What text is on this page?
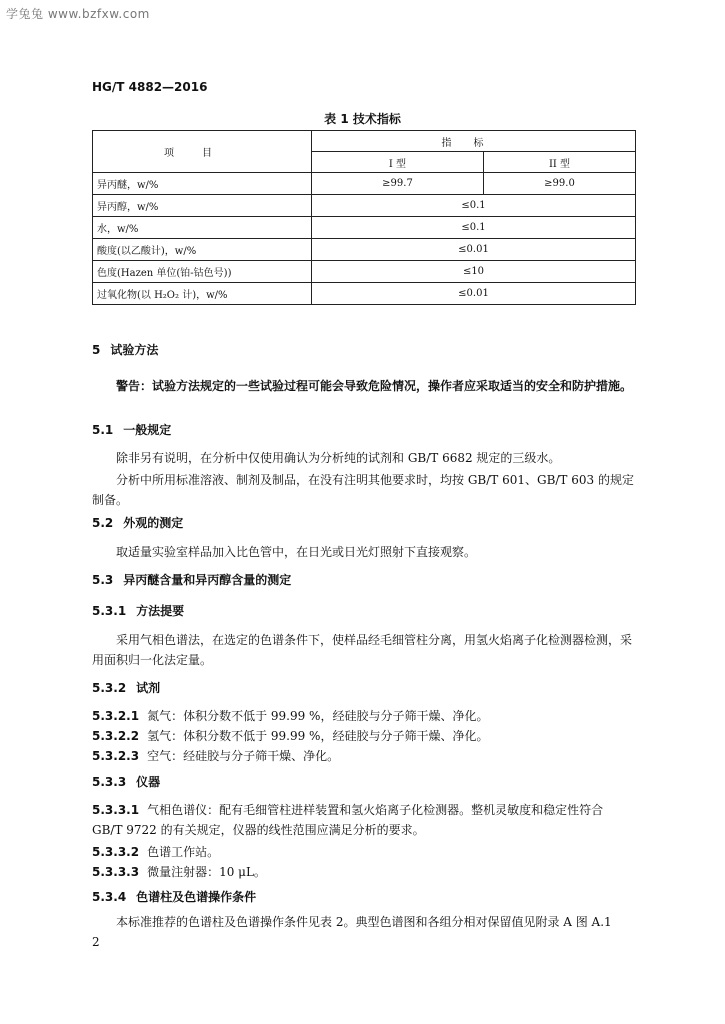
学兔兔 www.bzfxw.com
HG/T 4882—2016
表 1 技术指标
项目	指标	
	I 型	II 型
异丙醚，w/%	≥99.7	≥99.0
异丙醇，w/%	≤0.1	
水，w/%	≤0.1	
酸度(以乙酸计)，w/%	≤0.01	
色度(Hazen 单位(铂-钴色号))	≤10	
过氧化物(以 H₂O₂ 计)，w/%	≤0.01	
5 试验方法
警告：试验方法规定的一些试验过程可能会导致危险情况，操作者应采取适当的安全和防护措施。
5.1 一般规定
除非另有说明，在分析中仅使用确认为分析纯的试剂和 GB/T 6682 规定的三级水。
分析中所用标准溶液、制剂及制品，在没有注明其他要求时，均按 GB/T 601、GB/T 603 的规定制备。
5.2 外观的测定
取适量实验室样品加入比色管中，在日光或日光灯照射下直接观察。
5.3 异丙醚含量和异丙醇含量的测定
5.3.1 方法提要
采用气相色谱法，在选定的色谱条件下，使样品经毛细管柱分离，用氢火焰离子化检测器检测，采用面积归一化法定量。
5.3.2 试剂
5.3.2.1 氮气：体积分数不低于 99.99 %，经硅胶与分子筛干燥、净化。
5.3.2.2 氢气：体积分数不低于 99.99 %，经硅胶与分子筛干燥、净化。
5.3.2.3 空气：经硅胶与分子筛干燥、净化。
5.3.3 仪器
5.3.3.1 气相色谱仪：配有毛细管柱进样装置和氢火焰离子化检测器。整机灵敏度和稳定性符合 GB/T 9722 的有关规定，仪器的线性范围应满足分析的要求。
5.3.3.2 色谱工作站。
5.3.3.3 微量注射器：10 μL。
5.3.4 色谱柱及色谱操作条件
本标准推荐的色谱柱及色谱操作条件见表 2。典型色谱图和各组分相对保留值见附录 A 图 A.1
2
